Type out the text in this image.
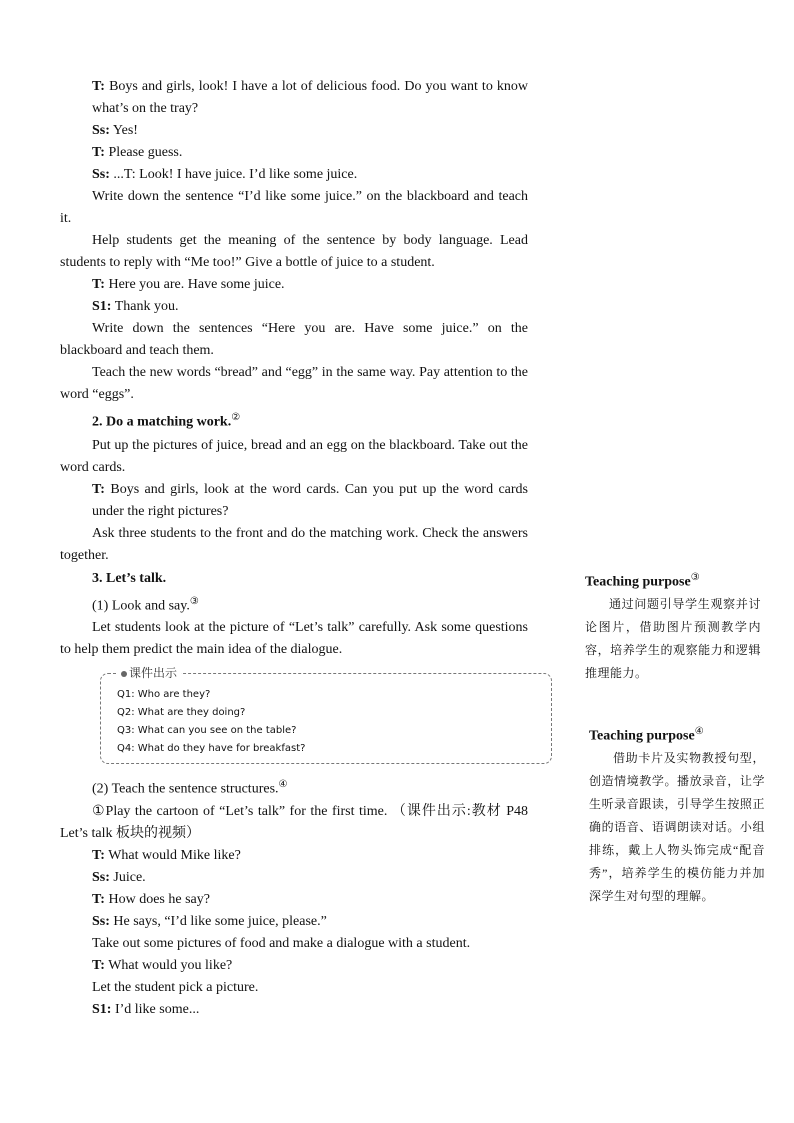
T: Boys and girls, look! I have a lot of delicious food. Do you want to know what’s on the tray?

Ss: Yes!

T: Please guess.

Ss: ...T: Look! I have juice. I’d like some juice.

Write down the sentence “I’d like some juice.” on the blackboard and teach it.

Help students get the meaning of the sentence by body language. Lead students to reply with “Me too!” Give a bottle of juice to a student.

T: Here you are. Have some juice.

S1: Thank you.

Write down the sentences “Here you are. Have some juice.” on the blackboard and teach them.

Teach the new words “bread” and “egg” in the same way. Pay attention to the word “eggs”.

2. Do a matching work.②

Put up the pictures of juice, bread and an egg on the blackboard. Take out the word cards.

T: Boys and girls, look at the word cards. Can you put up the word cards under the right pictures?

Ask three students to the front and do the matching work. Check the answers together.

3. Let’s talk.

(1) Look and say.③

Let students look at the picture of “Let’s talk” carefully. Ask some questions to help them predict the main idea of the dialogue.

课件出示
Q1: Who are they?
Q2: What are they doing?
Q3: What can you see on the table?
Q4: What do they have for breakfast?

(2) Teach the sentence structures.④

①Play the cartoon of “Let’s talk” for the first time. （课件出示:教材 P48 Let’s talk 板块的视频）

T: What would Mike like?

Ss: Juice.

T: How does he say?

Ss: He says, “I’d like some juice, please.”

Take out some pictures of food and make a dialogue with a student.

T: What would you like?

Let the student pick a picture.

S1: I’d like some...

Teaching purpose③
通过问题引导学生观察并讨论图片，借助图片预测教学内容，培养学生的观察能力和逻辑推理能力。
Teaching purpose④
借助卡片及实物教授句型，创造情境教学。播放录音，让学生听录音跟读，引导学生按照正确的语音、语调朗读对话。小组排练，戴上人物头饰完成“配音秀”，培养学生的模仿能力并加深学生对句型的理解。
